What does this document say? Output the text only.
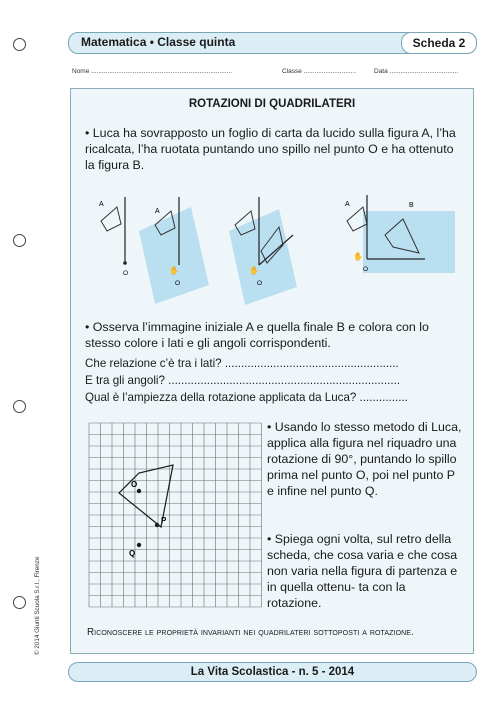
Matematica • Classe quinta	Scheda 2
Nome ..............................................................................	Classe .............................	Data ......................................
ROTAZIONI DI QUADRILATERI
• Luca ha sovrapposto un foglio di carta da lucido sulla figura A, l’ha ricalcata, l’ha ruotata puntando uno spillo nel punto O e ha ottenuto la figura B.
A
O
A
✋
O
✋
O
A	B
✋
O
• Osserva l’immagine iniziale A e quella finale B e colora con lo stesso colore i lati e gli angoli corrispondenti.
Che relazione c’è tra i lati? ......................................................
E tra gli angoli? ........................................................................
Qual è l’ampiezza della rotazione applicata da Luca? ...............
O
P
Q
• Usando lo stesso metodo di Luca, applica alla figura nel riquadro una rotazione di 90°, puntando lo spillo prima nel punto O, poi nel punto P e infine nel punto Q.
• Spiega ogni volta, sul retro della scheda, che cosa varia e che cosa non varia nella figura di partenza e in quella ottenu- ta con la rotazione.
Riconoscere le proprietà invarianti nei quadrilateri sottoposti a rotazione.
© 2014 Giunti Scuola S.r.l., Firenze
La Vita Scolastica - n. 5 - 2014
